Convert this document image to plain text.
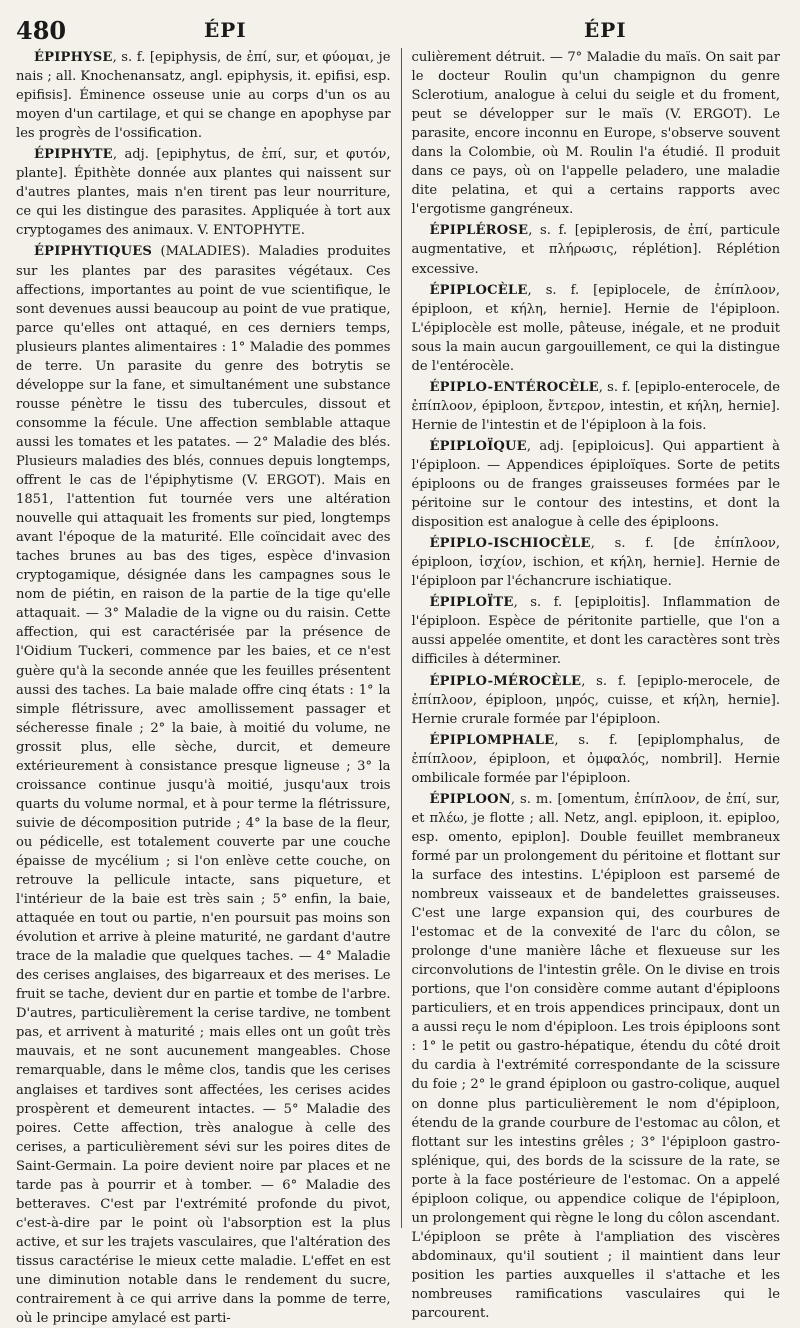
480	ÉPI	ÉPI

ÉPIPHYSE, s. f. [epiphysis, de ἐπί, sur, et φύομαι, je nais ; all. Knochenansatz, angl. epiphysis, it. epifisi, esp. epifisis]. Éminence osseuse unie au corps d'un os au moyen d'un cartilage, et qui se change en apophyse par les progrès de l'ossification.

ÉPIPHYTE, adj. [epiphytus, de ἐπί, sur, et φυτόν, plante]. Épithète donnée aux plantes qui naissent sur d'autres plantes, mais n'en tirent pas leur nourriture, ce qui les distingue des parasites. Appliquée à tort aux cryptogames des animaux. V. ENTOPHYTE.

ÉPIPHYTIQUES (MALADIES). Maladies produites sur les plantes par des parasites végétaux. Ces affections, importantes au point de vue scientifique, le sont devenues aussi beaucoup au point de vue pratique, parce qu'elles ont attaqué, en ces derniers temps, plusieurs plantes alimentaires : 1° Maladie des pommes de terre. Un parasite du genre des botrytis se développe sur la fane, et simultanément une substance rousse pénètre le tissu des tubercules, dissout et consomme la fécule. Une affection semblable attaque aussi les tomates et les patates. — 2° Maladie des blés. Plusieurs maladies des blés, connues depuis longtemps, offrent le cas de l'épiphytisme (V. ERGOT). Mais en 1851, l'attention fut tournée vers une altération nouvelle qui attaquait les froments sur pied, longtemps avant l'époque de la maturité. Elle coïncidait avec des taches brunes au bas des tiges, espèce d'invasion cryptogamique, désignée dans les campagnes sous le nom de piétin, en raison de la partie de la tige qu'elle attaquait. — 3° Maladie de la vigne ou du raisin. Cette affection, qui est caractérisée par la présence de l'Oidium Tuckeri, commence par les baies, et ce n'est guère qu'à la seconde année que les feuilles présentent aussi des taches. La baie malade offre cinq états : 1° la simple flétrissure, avec amollissement passager et sécheresse finale ; 2° la baie, à moitié du volume, ne grossit plus, elle sèche, durcit, et demeure extérieurement à consistance presque ligneuse ; 3° la croissance continue jusqu'à moitié, jusqu'aux trois quarts du volume normal, et à pour terme la flétrissure, suivie de décomposition putride ; 4° la base de la fleur, ou pédicelle, est totalement couverte par une couche épaisse de mycélium ; si l'on enlève cette couche, on retrouve la pellicule intacte, sans piqueture, et l'intérieur de la baie est très sain ; 5° enfin, la baie, attaquée en tout ou partie, n'en poursuit pas moins son évolution et arrive à pleine maturité, ne gardant d'autre trace de la maladie que quelques taches. — 4° Maladie des cerises anglaises, des bigarreaux et des merises. Le fruit se tache, devient dur en partie et tombe de l'arbre. D'autres, particulièrement la cerise tardive, ne tombent pas, et arrivent à maturité ; mais elles ont un goût très mauvais, et ne sont aucunement mangeables. Chose remarquable, dans le même clos, tandis que les cerises anglaises et tardives sont affectées, les cerises acides prospèrent et demeurent intactes. — 5° Maladie des poires. Cette affection, très analogue à celle des cerises, a particulièrement sévi sur les poires dites de Saint-Germain. La poire devient noire par places et ne tarde pas à pourrir et à tomber. — 6° Maladie des betteraves. C'est par l'extrémité profonde du pivot, c'est-à-dire par le point où l'absorption est la plus active, et sur les trajets vasculaires, que l'altération des tissus caractérise le mieux cette maladie. L'effet en est une diminution notable dans le rendement du sucre, contrairement à ce qui arrive dans la pomme de terre, où le principe amylacé est parti-

culièrement détruit. — 7° Maladie du maïs. On sait par le docteur Roulin qu'un champignon du genre Sclerotium, analogue à celui du seigle et du froment, peut se développer sur le maïs (V. ERGOT). Le parasite, encore inconnu en Europe, s'observe souvent dans la Colombie, où M. Roulin l'a étudié. Il produit dans ce pays, où on l'appelle peladero, une maladie dite pelatina, et qui a certains rapports avec l'ergotisme gangréneux.

ÉPIPLÉROSE, s. f. [epiplerosis, de ἐπί, particule augmentative, et πλήρωσις, réplétion]. Réplétion excessive.

ÉPIPLOCÈLE, s. f. [epiplocele, de ἐπίπλοον, épiploon, et κήλη, hernie]. Hernie de l'épiploon. L'épiplocèle est molle, pâteuse, inégale, et ne produit sous la main aucun gargouillement, ce qui la distingue de l'entérocèle.

ÉPIPLO-ENTÉROCÈLE, s. f. [epiplo-enterocele, de ἐπίπλοον, épiploon, ἔντερον, intestin, et κήλη, hernie]. Hernie de l'intestin et de l'épiploon à la fois.

ÉPIPLOÏQUE, adj. [epiploicus]. Qui appartient à l'épiploon. — Appendices épiploïques. Sorte de petits épiploons ou de franges graisseuses formées par le péritoine sur le contour des intestins, et dont la disposition est analogue à celle des épiploons.

ÉPIPLO-ISCHIOCÈLE, s. f. [de ἐπίπλοον, épiploon, ἰσχίον, ischion, et κήλη, hernie]. Hernie de l'épiploon par l'échancrure ischiatique.

ÉPIPLOÏTE, s. f. [epiploitis]. Inflammation de l'épiploon. Espèce de péritonite partielle, que l'on a aussi appelée omentite, et dont les caractères sont très difficiles à déterminer.

ÉPIPLO-MÉROCÈLE, s. f. [epiplo-merocele, de ἐπίπλοον, épiploon, μηρός, cuisse, et κήλη, hernie]. Hernie crurale formée par l'épiploon.

ÉPIPLOMPHALE, s. f. [epiplomphalus, de ἐπίπλοον, épiploon, et ὀμφαλός, nombril]. Hernie ombilicale formée par l'épiploon.

ÉPIPLOON, s. m. [omentum, ἐπίπλοον, de ἐπί, sur, et πλέω, je flotte ; all. Netz, angl. epiploon, it. epiploo, esp. omento, epiplon]. Double feuillet membraneux formé par un prolongement du péritoine et flottant sur la surface des intestins. L'épiploon est parsemé de nombreux vaisseaux et de bandelettes graisseuses. C'est une large expansion qui, des courbures de l'estomac et de la convexité de l'arc du côlon, se prolonge d'une manière lâche et flexueuse sur les circonvolutions de l'intestin grêle. On le divise en trois portions, que l'on considère comme autant d'épiploons particuliers, et en trois appendices principaux, dont un a aussi reçu le nom d'épiploon. Les trois épiploons sont : 1° le petit ou gastro-hépatique, étendu du côté droit du cardia à l'extrémité correspondante de la scissure du foie ; 2° le grand épiploon ou gastro-colique, auquel on donne plus particulièrement le nom d'épiploon, étendu de la grande courbure de l'estomac au côlon, et flottant sur les intestins grêles ; 3° l'épiploon gastro-splénique, qui, des bords de la scissure de la rate, se porte à la face postérieure de l'estomac. On a appelé épiploon colique, ou appendice colique de l'épiploon, un prolongement qui règne le long du côlon ascendant. L'épiploon se prête à l'ampliation des viscères abdominaux, qu'il soutient ; il maintient dans leur position les parties auxquelles il s'attache et les nombreuses ramifications vasculaires qui le parcourent.
